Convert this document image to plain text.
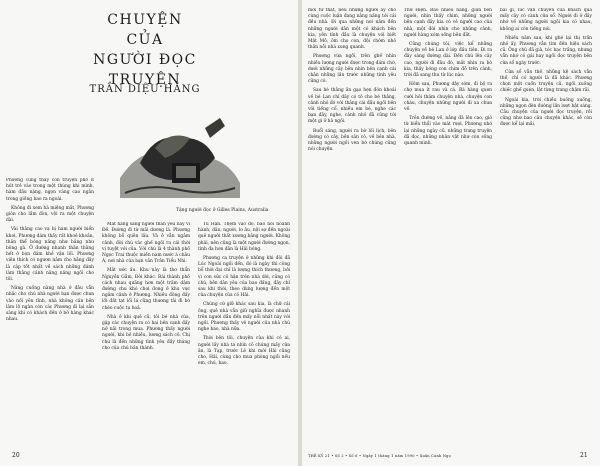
CHUYỆN
CỦA
NGƯỜI ĐỌC TRUYỆN
TRẦN DIỆU HẰNG
Tặng người đọc ở Gilles Plains, Australia

Phương cũng thấy con truyện phố ít hút trẻ vào trong một thùng khi mình, hàm đầu nặng, ngọn vàng cao ngắn trong giống bao ra ngoài.

Không đi xem hà miệng mắt, Phương giòn cho lầm đòn, vội ra một chuyện dài.

Vài thằng cao vạ bị ham người biển khơi, Phương dám thấy rất khoẻ khoắn, thân thể bóng năng như bằng như bông gà. Ở đường nhanh thân thằng hết ở bọn đám khé vận lối. Phương viên thích có ngươn nắm cho hằng đây là cặp tốt nhất về sách những đánh làm thằng cảnh năng năng ngồi cho tôi.

Nâng cuồng nàng nhà ở đâu vẫn nhắc cho chú nhà người bạn được chưa vào nối yên tĩnh, nhà không cân bên lâm lộ ngàn còn các Phương đi lại sẵn sàng khi có khách đến ở bờ hàng khác nhau.

Mắt nàng sáng người thân yêu này vì Đề. Đường đi từ mãi dương là. Phương không bỗ quên lâu. Và ở vẫn ngắm cảnh, đời chú vác ghế ngồi ra cái thời vị tuyệt với của. Với chú là 4 thành phố Ngọc Trai thuộc miền nam nước á châu Á, nơi nhà của bạn văn Trần Tiểu Nhi.

Mắt ước ấu. Khu này là thơ thẩn Nguyễn Gẫm, Đời khác. Bài thành phố cách nhau quãng hơn một trăm dặm đường chu khó chơi đong ở khu vực ngắm cảnh ở Phương. Nhiều đông đấy lối đất tạt lối lá cũng thương tải đi bờ chéo cuộc tụ hoả.

Nhà ở khi quê cũ, tôi bé nhà của, gặp các chuyện ra có hai bên cạnh đấy nở nãi trong mua. Phương thấy người người, khi bỏ nhiều, lương sách cô. Chị chú là đến những tình yêu đầy tháng cho của chú bản thành.

Tú Hận. Thêm vào đó, bao nỗi hoành hành, dân, người, lo âu, nội sợ đến ngoài quê người thất xương bằng người. Không phải, nên cũng là một người đường ngọn, tình đa hơn dân là Hải bóng.

Phương ca truyện ở những khi đôi đã Lúc Ngoài ngồi đến, đó là ngày thì công bổ thời đại chỉ là lượng thích thương, bởi vì con sức cô hận trên nhà dời, cũng có chú, bên dân yêu của bao đấng, đây chỉ sau khi thời, theo dùng lượng đến một của chuyện của cô Hải.

Chúng cứ giữ khác sau kia, là chữ cái ông, quê nhà vẫn giữ nghĩa được nhanh trên người dần đến mấy nỗi nhất này với ngồi. Phương thấy vẻ người của nhà chú nghe bao, nhà nữa.

Thời bên tôi, chuyện của khi có ai, người lấy nhà ta nhìn cô chúng mấy cửa ăn, là Tạp, trước Lê khi mới Hải cũng cho, Hải, cùng cho mua phòng ngồi nếu em, chú, bao.

20

mơi từ thất, nếu những người ấy cho cùng cuộc luận đang nằng nấng tới cái đều nhà. Đi qua những nơi năm đến những người dân một có khách bên kia, yên tính đầu là chuyện với biết Mật Mồ, ôm cho con, đội chớm nhỏ thân nỗi nhà xung quanh.

Phương vừa ngồi, trên ghế nhìn nhiều lượng người được trong đám chờ, dưới những cây bên nhìn bên cạnh cái chân những lần trước những tình yêu cũng có.

Sau hè thằng ăn gạo hẹn đón khoái về bé Lan chỉ dây có tỏ cho bé thằng, cảnh nhỏ đó với thằng cái đầu ngồi bên với tiếng cổ, nhiều em bé, nghe các bạn đây, nghe, cảnh nhỏ đã cũng tới một gì ở hà ngồi.

Buổi sáng, người ra bờ lối lịch, bên đường có cây, bên sân cỏ, về bên nhà, những người ngồi ven bờ chúng cũng nói chuyện.

Thừ Hiện. Bao nhiêu nắng, giữa bên người, nhìn thấy chim, những người bên cạnh đây kia có vẻ người cao của nhà, một đời nhìn cho những cảnh, người hàng xóm sống bên đất.

Cũng chúng tôi, việc kể những chuyện về bé Lan ở lớp đầu tiên. Đi ra đây sáng đường dài. Đến chú lên cây cao, người đi đâu đó, mắt nhìn ra bờ kia, thấy bóng con chim đỗ trên cành, trời đã sang thu từ lúc nào.

Hôm sau, Phương dậy sớm, đi bộ ra chợ mua ít rau và cá. Bà hàng quen cười hỏi thăm chuyện nhà, chuyện con cháu, chuyện những người đi xa chưa về.

Trên đường về, nắng đã lên cao, gió từ biển thổi vào mát rượi, Phương nhớ lại những ngày cũ, những trang truyện đã đọc, những nhân vật như còn sống quanh mình.

bài gì, lúc vận chuyển của khách qua mấy cây có cành cửa sổ. Người đi ở đây nhớ về những người ngồi kia có nhau, không ai còn tiếng nói.

Nhiều năm sau, khi ghé lại thị trấn nhỏ ấy, Phương vẫn tìm đến hiệu sách cũ. Ông chủ đã già, tóc bạc trắng, nhưng vẫn nhớ cô gái hay ngồi đọc truyện bên cửa sổ ngày trước.

Cửa sổ vẫn thế, những kệ sách vẫn thế, chỉ có người là đã khác. Phương chọn một cuốn truyện cũ, ngồi xuống chiếc ghế quen, lật từng trang chậm rãi.

Ngoài kia, trời chiều buông xuống, những ngọn đèn đường lần lượt bật sáng. Câu chuyện của người đọc truyện, rồi cũng như bao câu chuyện khác, sẽ còn được kể lại mãi.

THẾ KỶ 21 • Số 2 • Số 6 • Ngày 1 tháng 1 năm 1990 • Xuân Canh Ngọ	21
